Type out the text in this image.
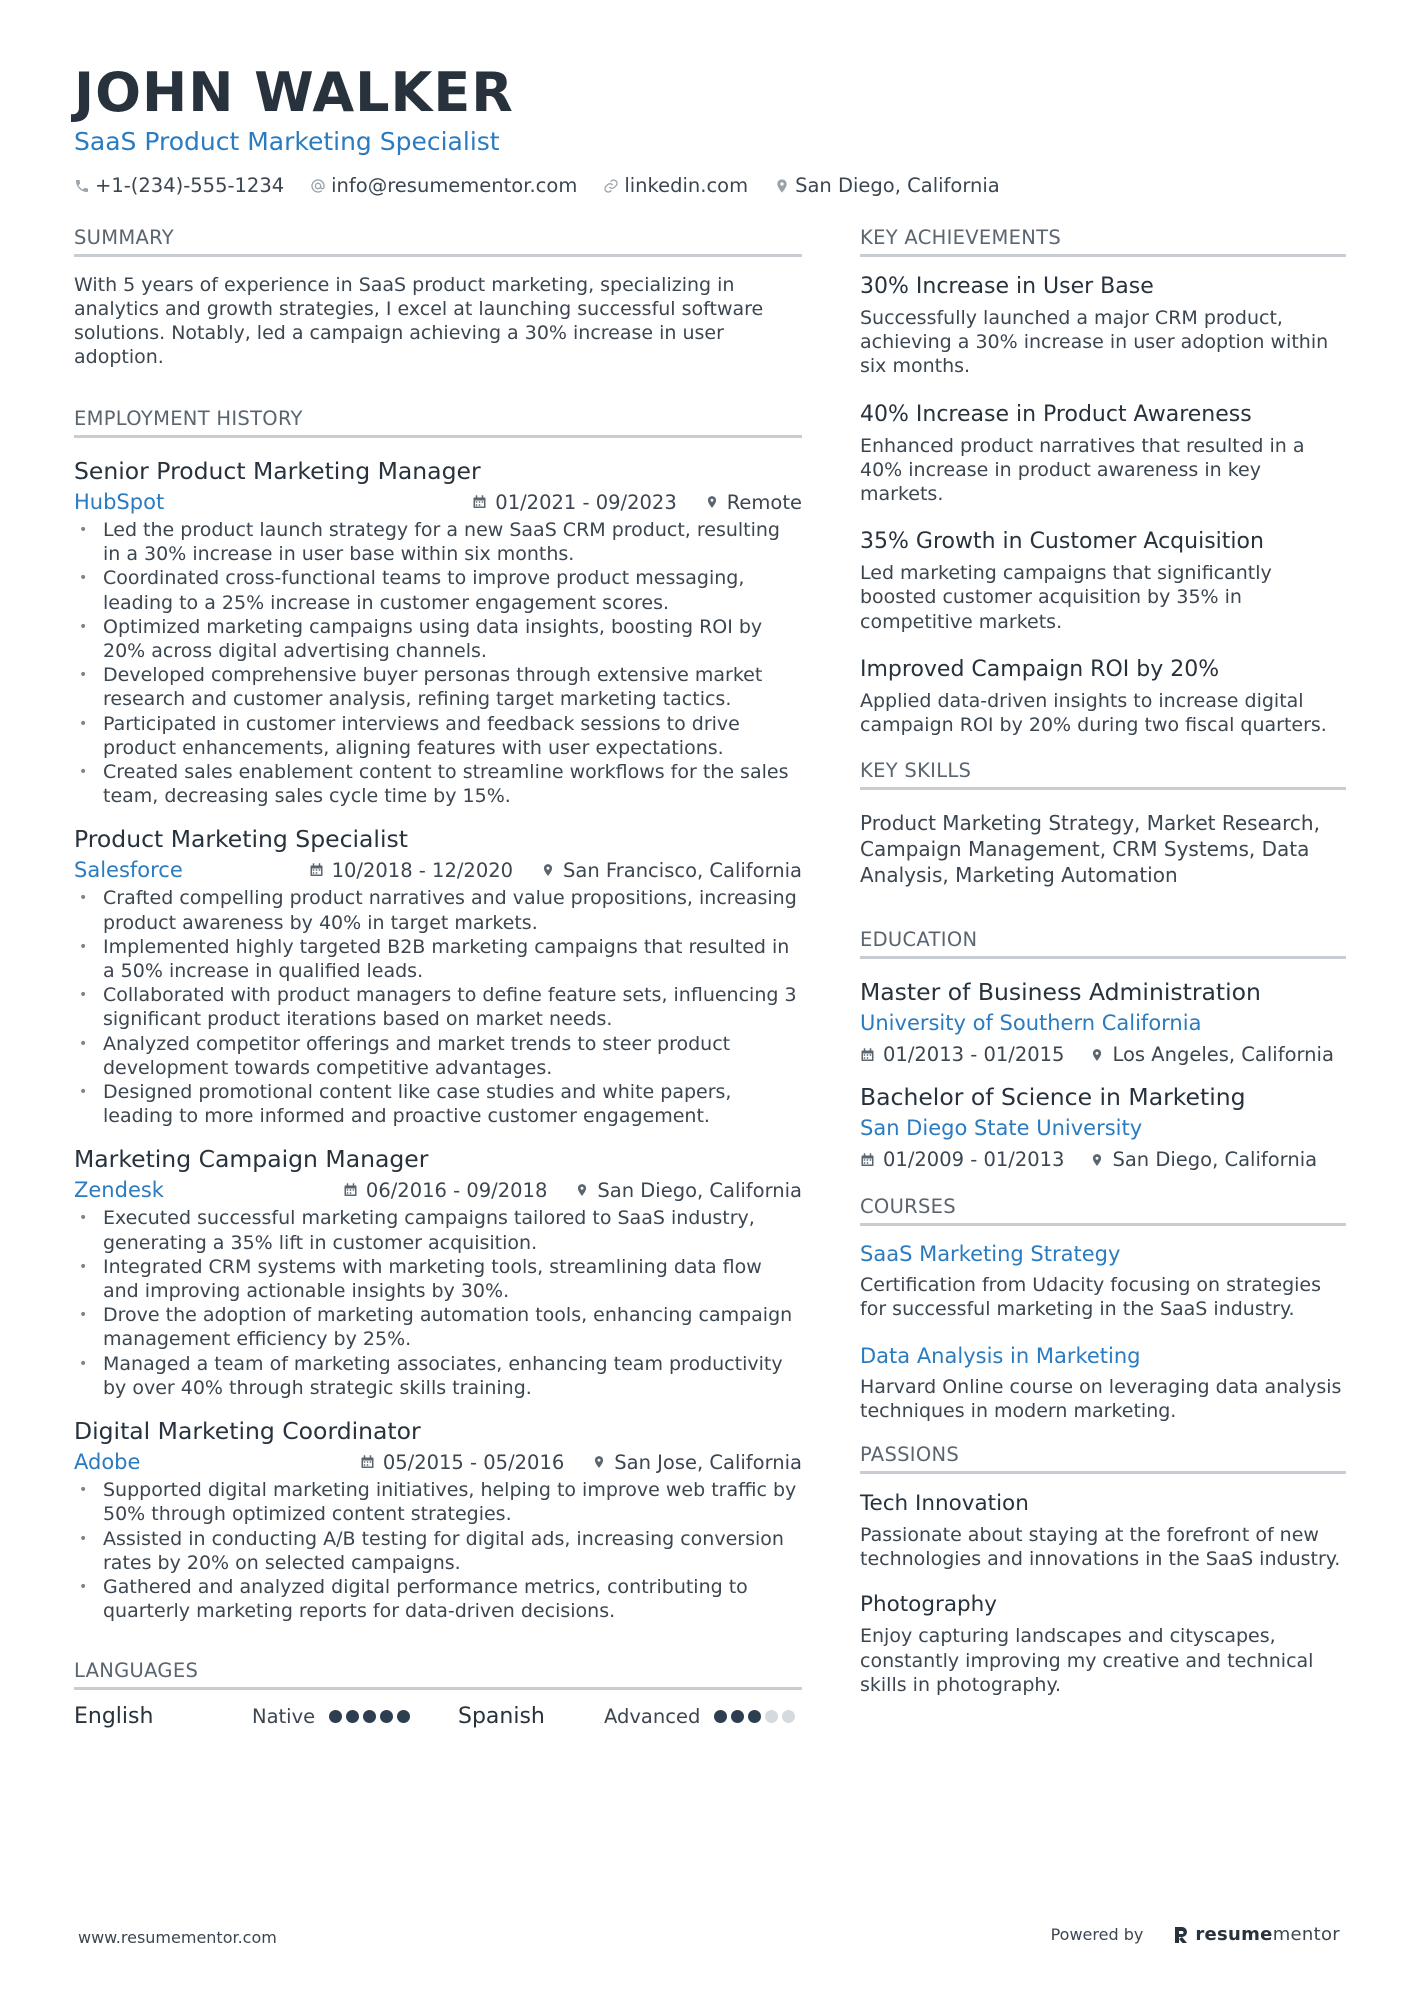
JOHN WALKER
SaaS Product Marketing Specialist
+1-(234)-555-1234 info@resumementor.com linkedin.com San Diego, California
SUMMARY
With 5 years of experience in SaaS product marketing, specializing in analytics and growth strategies, I excel at launching successful software solutions. Notably, led a campaign achieving a 30% increase in user adoption.
EMPLOYMENT HISTORY
Senior Product Marketing Manager
HubSpot	01/2021 - 09/2023	Remote
• Led the product launch strategy for a new SaaS CRM product, resulting in a 30% increase in user base within six months.
• Coordinated cross-functional teams to improve product messaging, leading to a 25% increase in customer engagement scores.
• Optimized marketing campaigns using data insights, boosting ROI by 20% across digital advertising channels.
• Developed comprehensive buyer personas through extensive market research and customer analysis, refining target marketing tactics.
• Participated in customer interviews and feedback sessions to drive product enhancements, aligning features with user expectations.
• Created sales enablement content to streamline workflows for the sales team, decreasing sales cycle time by 15%.
Product Marketing Specialist
Salesforce	10/2018 - 12/2020	San Francisco, California
• Crafted compelling product narratives and value propositions, increasing product awareness by 40% in target markets.
• Implemented highly targeted B2B marketing campaigns that resulted in a 50% increase in qualified leads.
• Collaborated with product managers to define feature sets, influencing 3 significant product iterations based on market needs.
• Analyzed competitor offerings and market trends to steer product development towards competitive advantages.
• Designed promotional content like case studies and white papers, leading to more informed and proactive customer engagement.
Marketing Campaign Manager
Zendesk	06/2016 - 09/2018	San Diego, California
• Executed successful marketing campaigns tailored to SaaS industry, generating a 35% lift in customer acquisition.
• Integrated CRM systems with marketing tools, streamlining data flow and improving actionable insights by 30%.
• Drove the adoption of marketing automation tools, enhancing campaign management efficiency by 25%.
• Managed a team of marketing associates, enhancing team productivity by over 40% through strategic skills training.
Digital Marketing Coordinator
Adobe	05/2015 - 05/2016	San Jose, California
• Supported digital marketing initiatives, helping to improve web traffic by 50% through optimized content strategies.
• Assisted in conducting A/B testing for digital ads, increasing conversion rates by 20% on selected campaigns.
• Gathered and analyzed digital performance metrics, contributing to quarterly marketing reports for data-driven decisions.
LANGUAGES
English	Native	Spanish	Advanced
KEY ACHIEVEMENTS
30% Increase in User Base
Successfully launched a major CRM product, achieving a 30% increase in user adoption within six months.
40% Increase in Product Awareness
Enhanced product narratives that resulted in a 40% increase in product awareness in key markets.
35% Growth in Customer Acquisition
Led marketing campaigns that significantly boosted customer acquisition by 35% in competitive markets.
Improved Campaign ROI by 20%
Applied data-driven insights to increase digital campaign ROI by 20% during two fiscal quarters.
KEY SKILLS
Product Marketing Strategy, Market Research, Campaign Management, CRM Systems, Data Analysis, Marketing Automation
EDUCATION
Master of Business Administration
University of Southern California
01/2013 - 01/2015 Los Angeles, California
Bachelor of Science in Marketing
San Diego State University
01/2009 - 01/2013 San Diego, California
COURSES
SaaS Marketing Strategy
Certification from Udacity focusing on strategies for successful marketing in the SaaS industry.
Data Analysis in Marketing
Harvard Online course on leveraging data analysis techniques in modern marketing.
PASSIONS
Tech Innovation
Passionate about staying at the forefront of new technologies and innovations in the SaaS industry.
Photography
Enjoy capturing landscapes and cityscapes, constantly improving my creative and technical skills in photography.
www.resumementor.com	Powered by	resume mentor
